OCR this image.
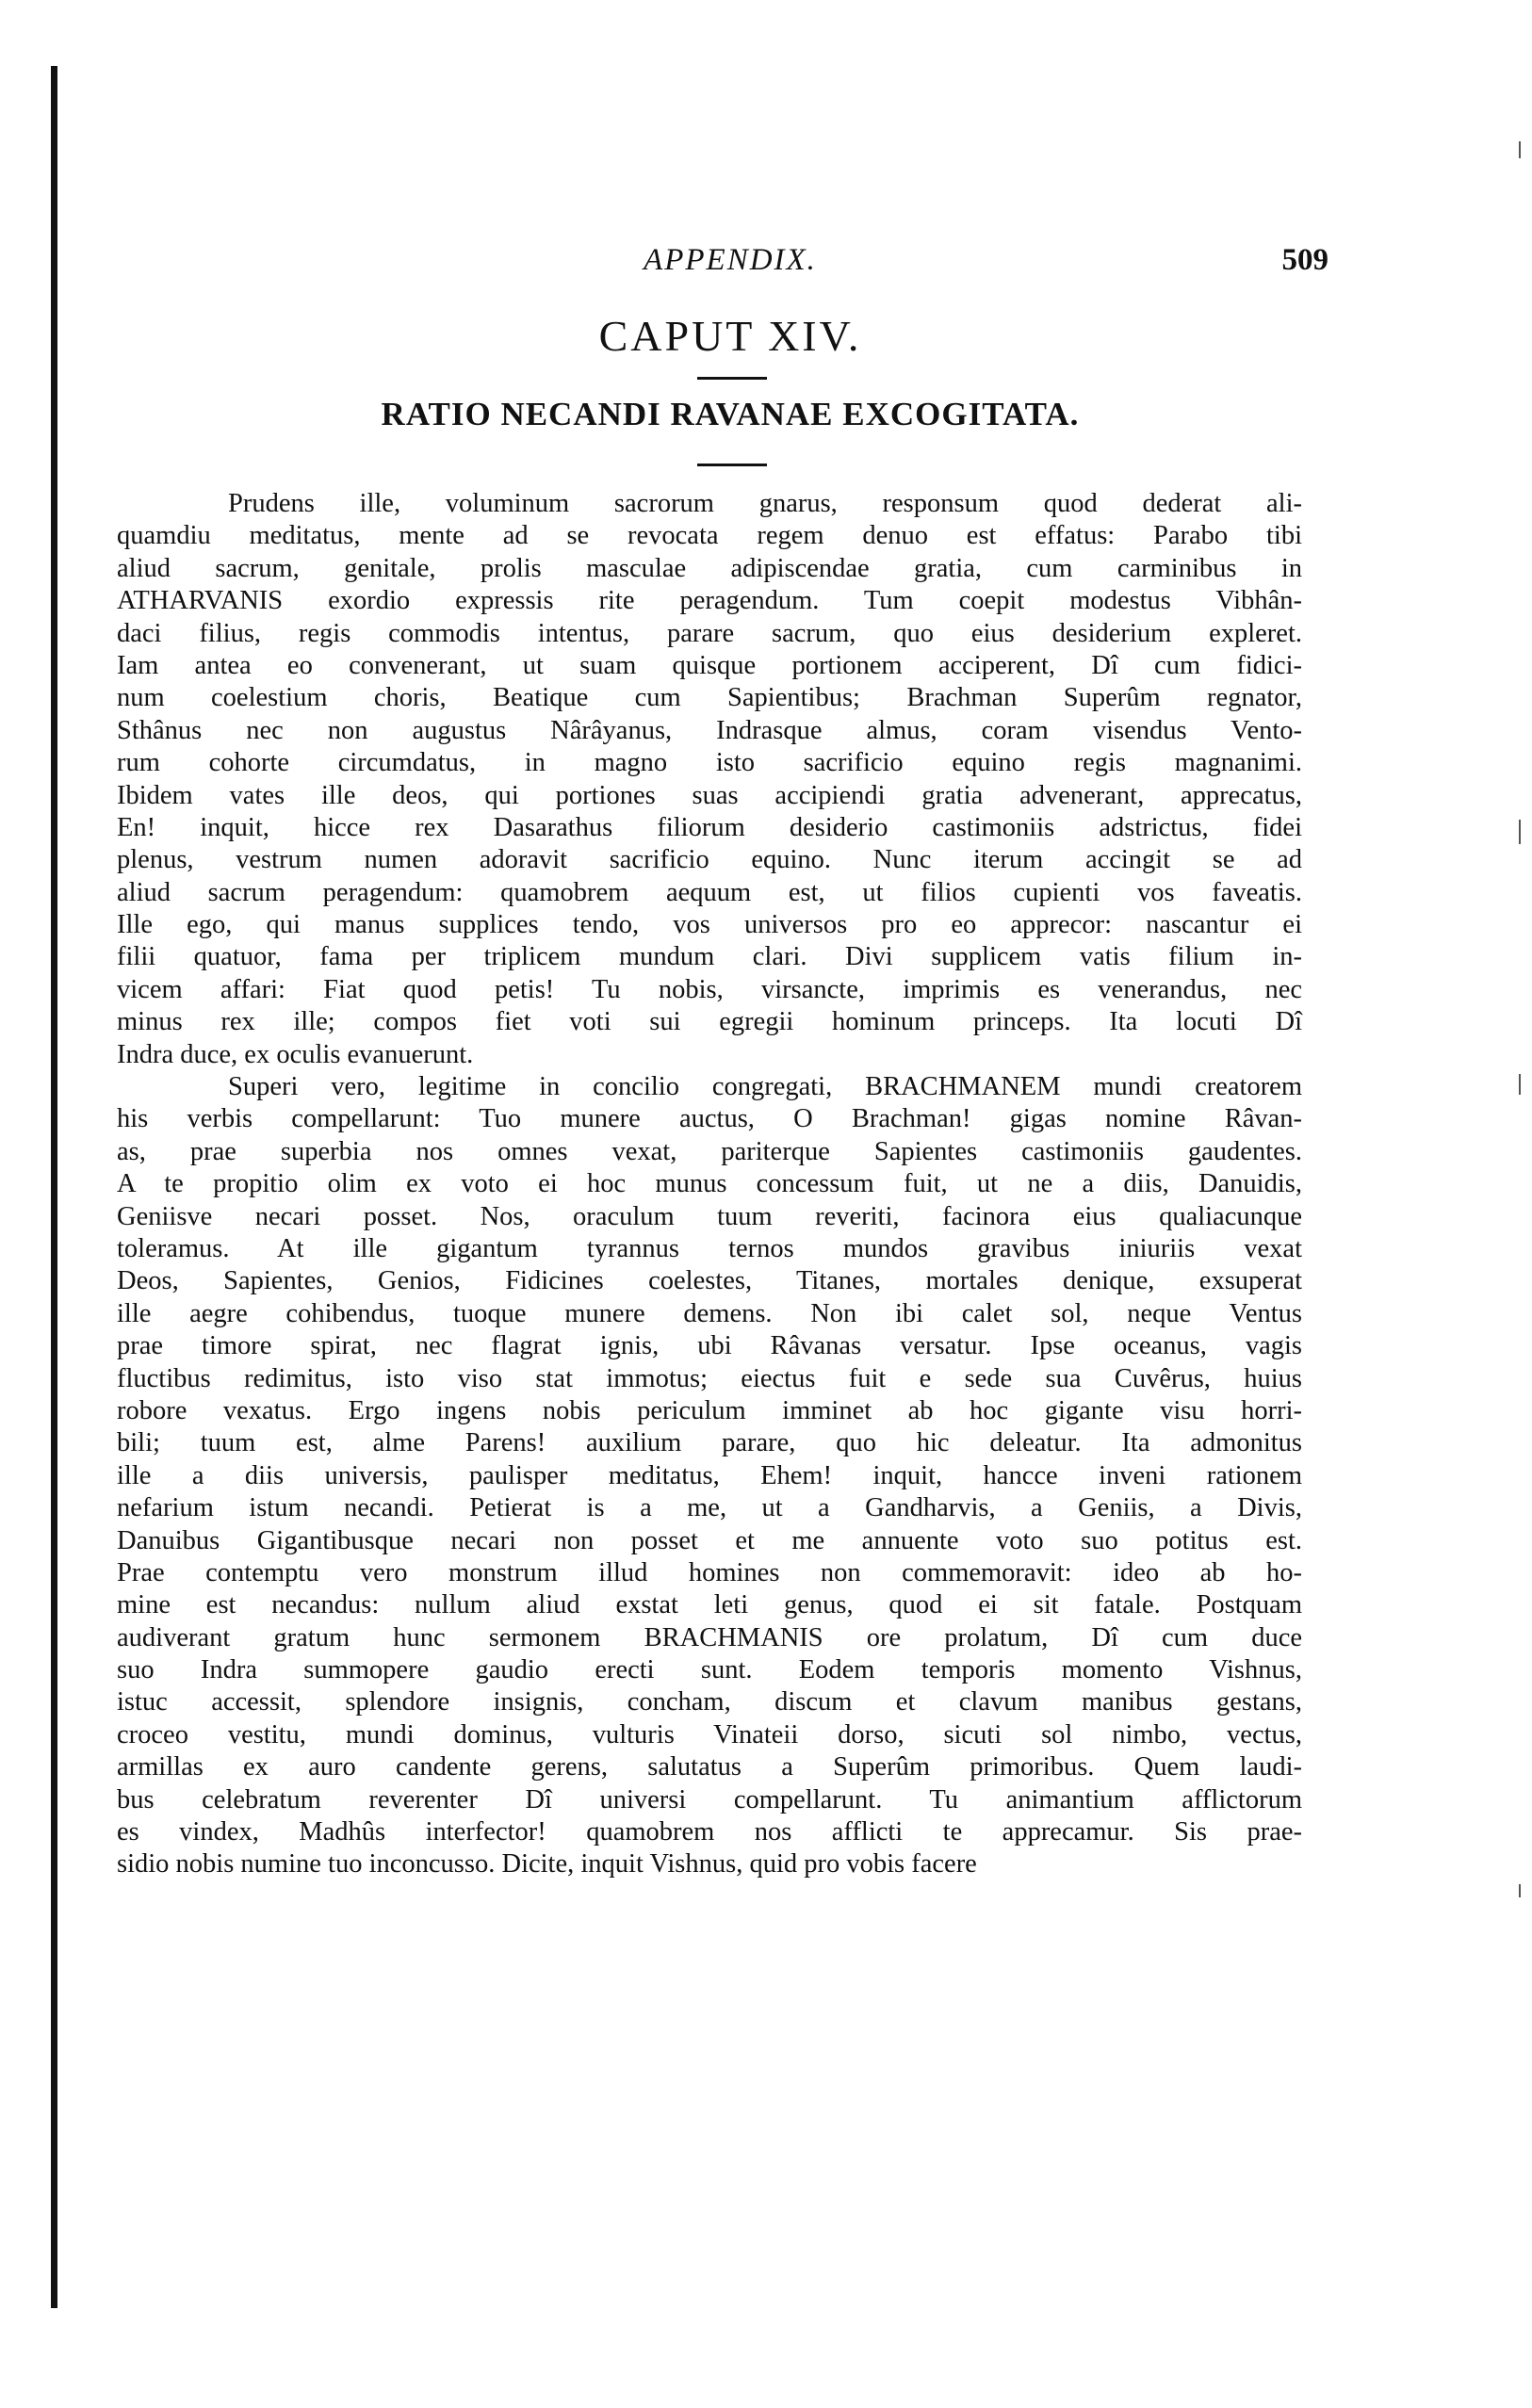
APPENDIX.	509
CAPUT XIV.
RATIO NECANDI RAVANAE EXCOGITATA.
Prudens ille, voluminum sacrorum gnarus, responsum quod dederat ali-
quamdiu meditatus, mente ad se revocata regem denuo est effatus: Parabo tibi
aliud sacrum, genitale, prolis masculae adipiscendae gratia, cum carminibus in
ATHARVANIS exordio expressis rite peragendum. Tum coepit modestus Vibhân-
daci filius, regis commodis intentus, parare sacrum, quo eius desiderium expleret.
Iam antea eo convenerant, ut suam quisque portionem acciperent, Dî cum fidici-
num coelestium choris, Beatique cum Sapientibus; Brachman Superûm regnator,
Sthânus nec non augustus Nârâyanus, Indrasque almus, coram visendus Vento-
rum cohorte circumdatus, in magno isto sacrificio equino regis magnanimi.
Ibidem vates ille deos, qui portiones suas accipiendi gratia advenerant, apprecatus,
En! inquit, hicce rex Dasarathus filiorum desiderio castimoniis adstrictus, fidei
plenus, vestrum numen adoravit sacrificio equino. Nunc iterum accingit se ad
aliud sacrum peragendum: quamobrem aequum est, ut filios cupienti vos faveatis.
Ille ego, qui manus supplices tendo, vos universos pro eo apprecor: nascantur ei
filii quatuor, fama per triplicem mundum clari. Divi supplicem vatis filium in-
vicem affari: Fiat quod petis! Tu nobis, virsancte, imprimis es venerandus, nec
minus rex ille; compos fiet voti sui egregii hominum princeps. Ita locuti Dî
Indra duce, ex oculis evanuerunt.
Superi vero, legitime in concilio congregati, BRACHMANEM mundi creatorem
his verbis compellarunt: Tuo munere auctus, O Brachman! gigas nomine Râvan-
as, prae superbia nos omnes vexat, pariterque Sapientes castimoniis gaudentes.
A te propitio olim ex voto ei hoc munus concessum fuit, ut ne a diis, Danuidis,
Geniisve necari posset. Nos, oraculum tuum reveriti, facinora eius qualiacunque
toleramus. At ille gigantum tyrannus ternos mundos gravibus iniuriis vexat
Deos, Sapientes, Genios, Fidicines coelestes, Titanes, mortales denique, exsuperat
ille aegre cohibendus, tuoque munere demens. Non ibi calet sol, neque Ventus
prae timore spirat, nec flagrat ignis, ubi Râvanas versatur. Ipse oceanus, vagis
fluctibus redimitus, isto viso stat immotus; eiectus fuit e sede sua Cuvêrus, huius
robore vexatus. Ergo ingens nobis periculum imminet ab hoc gigante visu horri-
bili; tuum est, alme Parens! auxilium parare, quo hic deleatur. Ita admonitus
ille a diis universis, paulisper meditatus, Ehem! inquit, hancce inveni rationem
nefarium istum necandi. Petierat is a me, ut a Gandharvis, a Geniis, a Divis,
Danuibus Gigantibusque necari non posset et me annuente voto suo potitus est.
Prae contemptu vero monstrum illud homines non commemoravit: ideo ab ho-
mine est necandus: nullum aliud exstat leti genus, quod ei sit fatale. Postquam
audiverant gratum hunc sermonem BRACHMANIS ore prolatum, Dî cum duce
suo Indra summopere gaudio erecti sunt. Eodem temporis momento Vishnus,
istuc accessit, splendore insignis, concham, discum et clavum manibus gestans,
croceo vestitu, mundi dominus, vulturis Vinateii dorso, sicuti sol nimbo, vectus,
armillas ex auro candente gerens, salutatus a Superûm primoribus. Quem laudi-
bus celebratum reverenter Dî universi compellarunt. Tu animantium afflictorum
es vindex, Madhûs interfector! quamobrem nos afflicti te apprecamur. Sis prae-
sidio nobis numine tuo inconcusso. Dicite, inquit Vishnus, quid pro vobis facere
